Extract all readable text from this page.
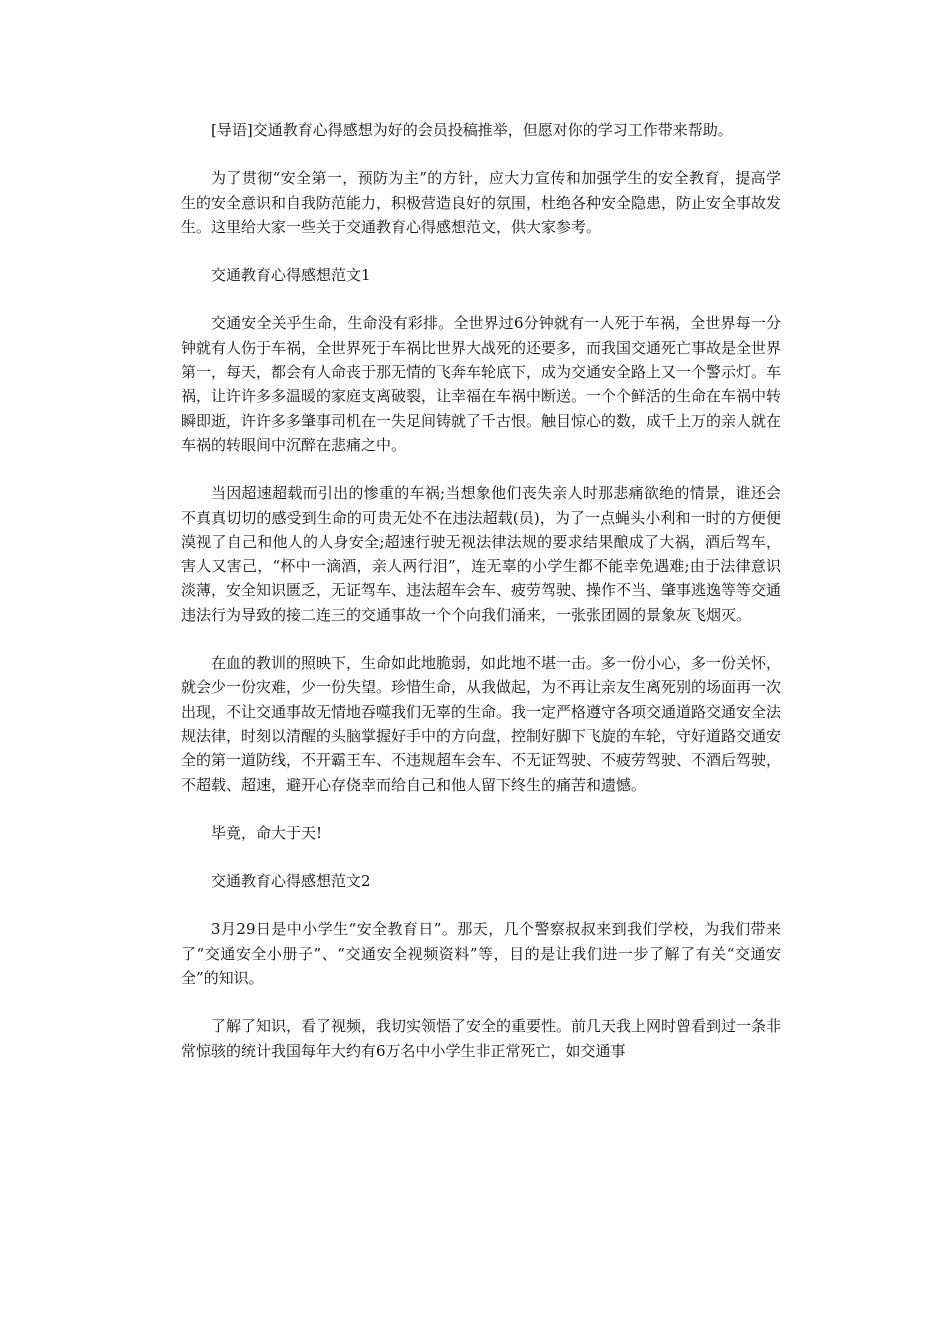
[导语]交通教育心得感想为好的会员投稿推举，但愿对你的学习工作带来帮助。

为了贯彻“安全第一，预防为主”的方针，应大力宣传和加强学生的安全教育，提高学生的安全意识和自我防范能力，积极营造良好的氛围，杜绝各种安全隐患，防止安全事故发生。这里给大家一些关于交通教育心得感想范文，供大家参考。

交通教育心得感想范文1

交通安全关乎生命，生命没有彩排。全世界过6分钟就有一人死于车祸，全世界每一分钟就有人伤于车祸，全世界死于车祸比世界大战死的还要多，而我国交通死亡事故是全世界第一，每天，都会有人命丧于那无情的飞奔车轮底下，成为交通安全路上又一个警示灯。车祸，让许许多多温暖的家庭支离破裂，让幸福在车祸中断送。一个个鲜活的生命在车祸中转瞬即逝，许许多多肇事司机在一失足间铸就了千古恨。触目惊心的数，成千上万的亲人就在车祸的转眼间中沉醉在悲痛之中。

当因超速超载而引出的惨重的车祸;当想象他们丧失亲人时那悲痛欲绝的情景，谁还会不真真切切的感受到生命的可贵无处不在违法超载(员)，为了一点蝇头小利和一时的方便便漠视了自己和他人的人身安全;超速行驶无视法律法规的要求结果酿成了大祸，酒后驾车，害人又害己，“杯中一滴酒，亲人两行泪”，连无辜的小学生都不能幸免遇难;由于法律意识淡薄，安全知识匮乏，无证驾车、违法超车会车、疲劳驾驶、操作不当、肇事逃逸等等交通违法行为导致的接二连三的交通事故一个个向我们涌来，一张张团圆的景象灰飞烟灭。

在血的教训的照映下，生命如此地脆弱，如此地不堪一击。多一份小心，多一份关怀，就会少一份灾难，少一份失望。珍惜生命，从我做起，为不再让亲友生离死别的场面再一次出现，不让交通事故无情地吞噬我们无辜的生命。我一定严格遵守各项交通道路交通安全法规法律，时刻以清醒的头脑掌握好手中的方向盘，控制好脚下飞旋的车轮，守好道路交通安全的第一道防线，不开霸王车、不违规超车会车、不无证驾驶、不疲劳驾驶、不酒后驾驶，不超载、超速，避开心存侥幸而给自己和他人留下终生的痛苦和遗憾。

毕竟，命大于天!

交通教育心得感想范文2

3月29日是中小学生“安全教育日”。那天，几个警察叔叔来到我们学校，为我们带来了“交通安全小册子”、“交通安全视频资料”等，目的是让我们进一步了解了有关“交通安全”的知识。

了解了知识，看了视频，我切实领悟了安全的重要性。前几天我上网时曾看到过一条非常惊骇的统计我国每年大约有6万名中小学生非正常死亡，如交通事
